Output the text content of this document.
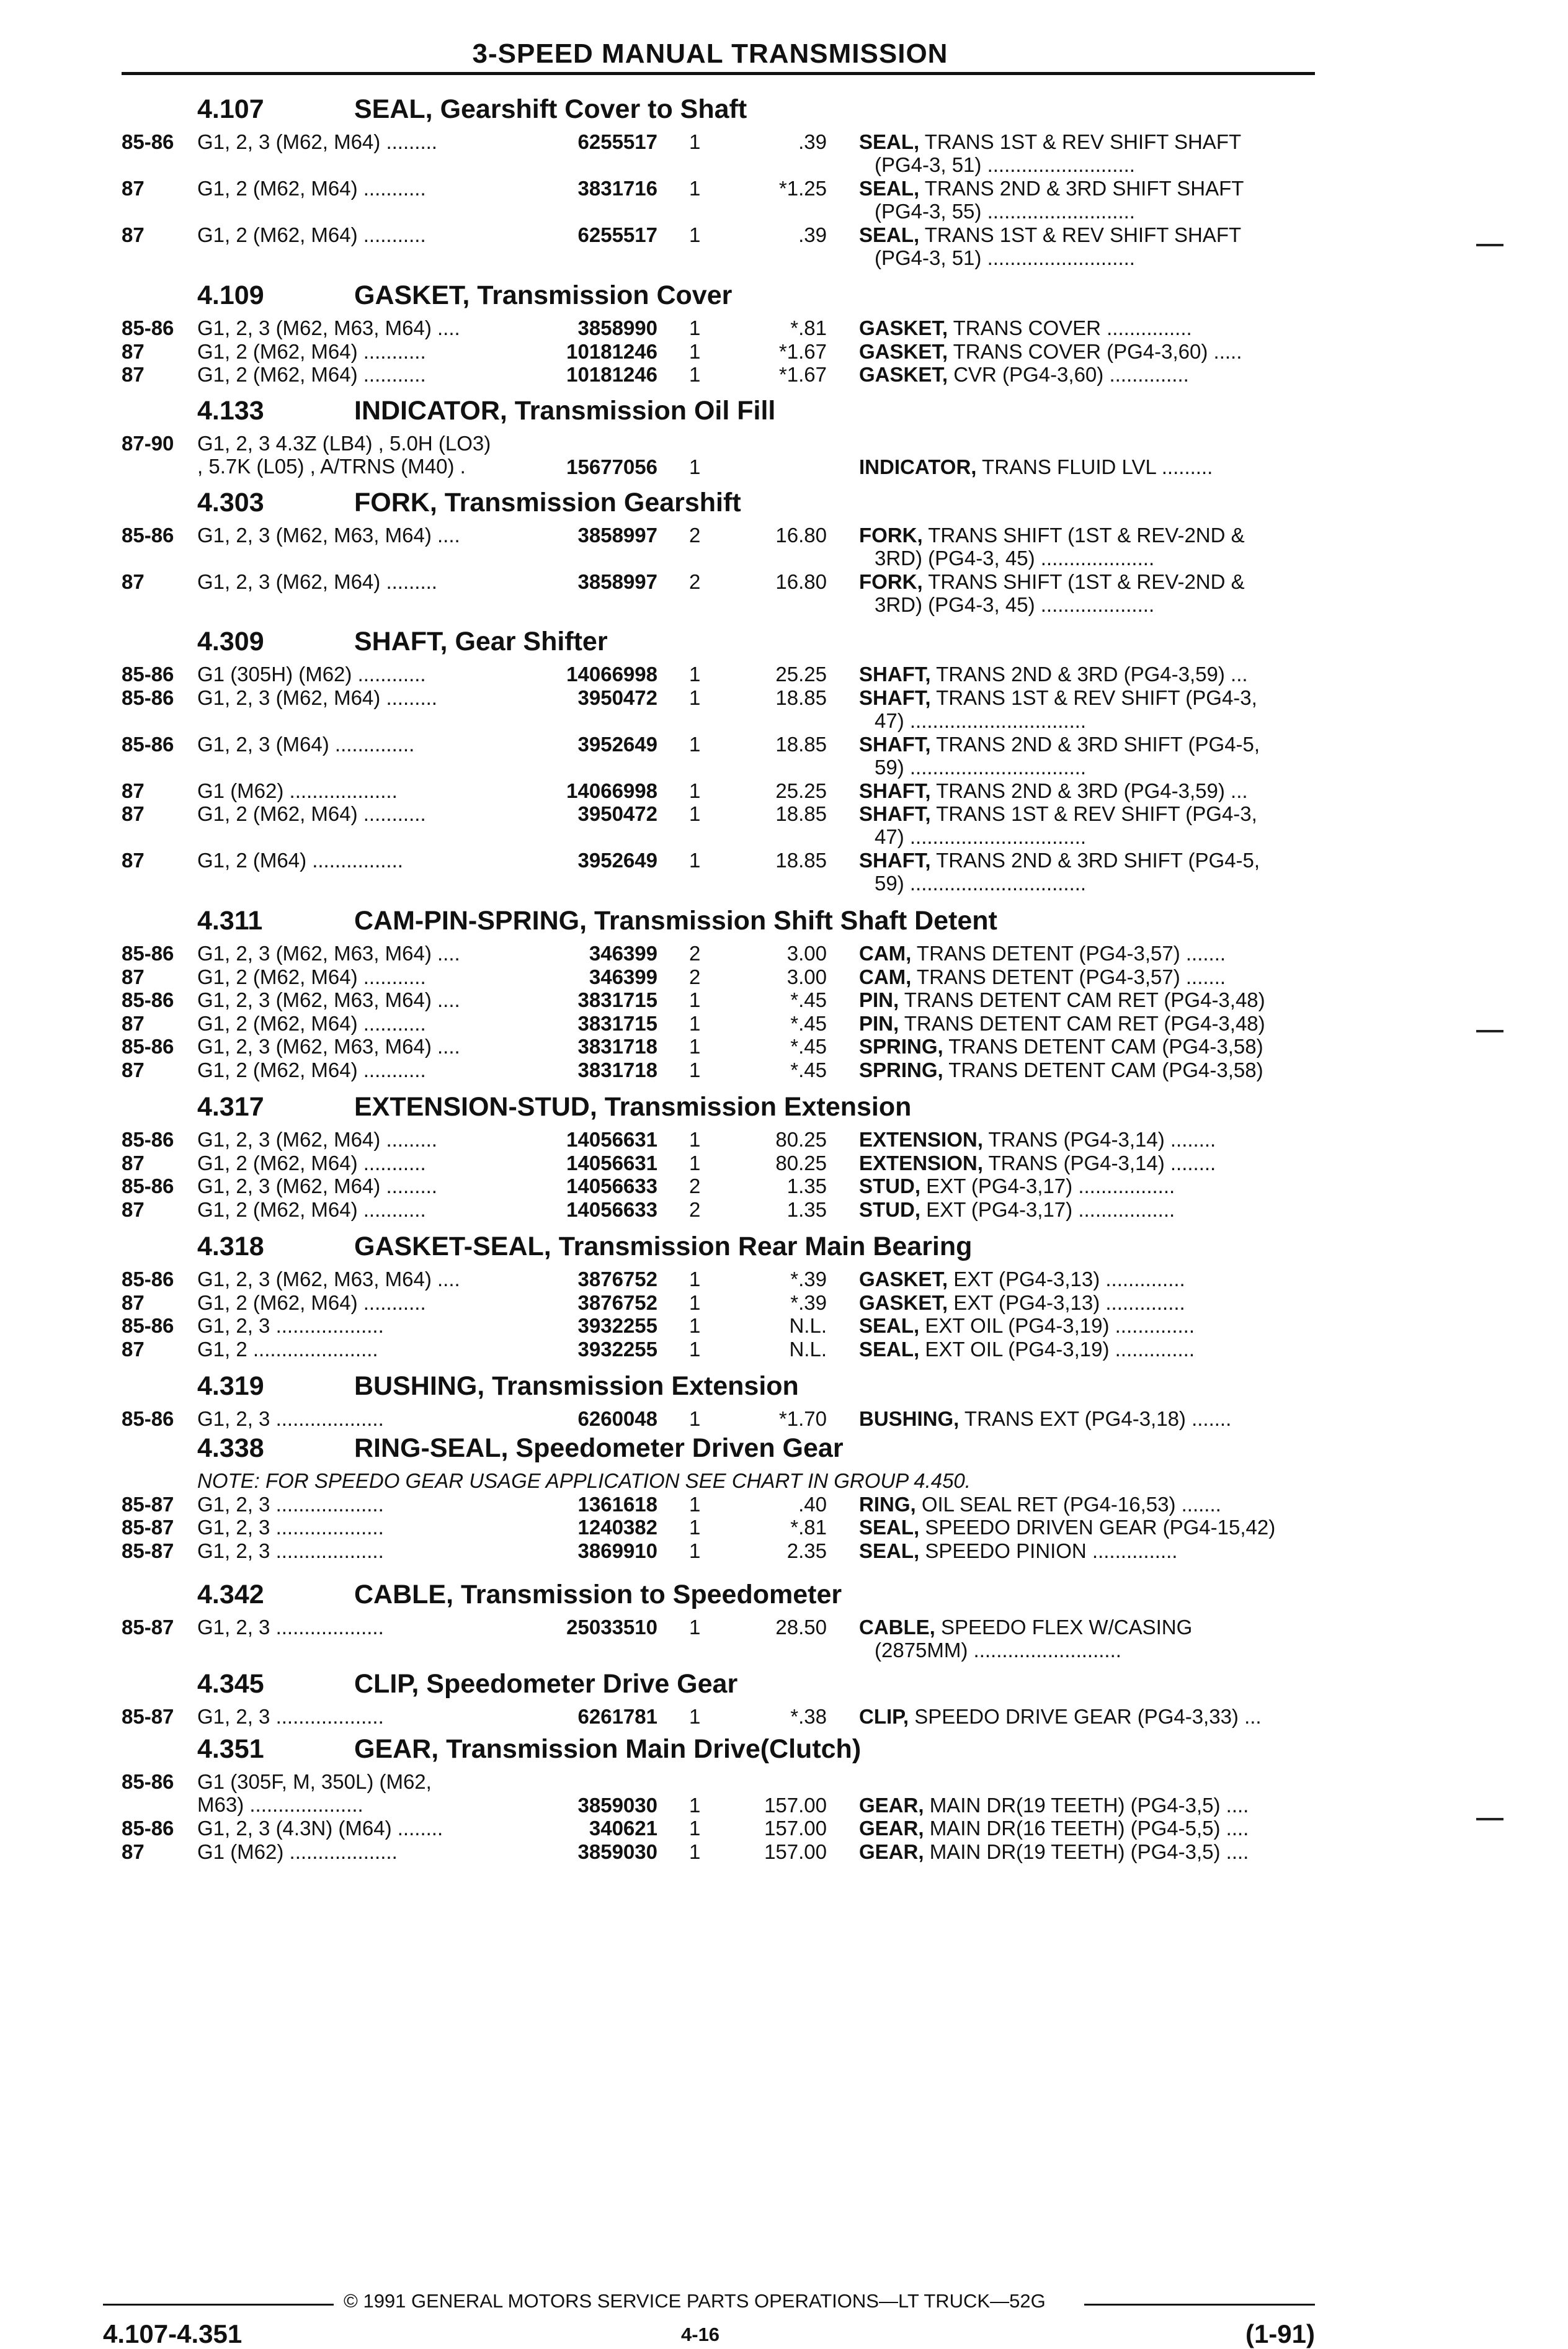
3-SPEED MANUAL TRANSMISSION
4.107	SEAL, Gearshift Cover to Shaft
85-86 G1, 2, 3 (M62, M64) .........	6255517 1	.39 SEAL, TRANS 1ST & REV SHIFT SHAFT
(PG4-3, 51) ..........................
87	G1, 2 (M62, M64) ...........	3831716 1	*1.25 SEAL, TRANS 2ND & 3RD SHIFT SHAFT
(PG4-3, 55) ..........................
87	G1, 2 (M62, M64) ...........	6255517 1	.39 SEAL, TRANS 1ST & REV SHIFT SHAFT
(PG4-3, 51) ..........................
4.109	GASKET, Transmission Cover
85-86 G1, 2, 3 (M62, M63, M64) ....	3858990 1	*.81 GASKET, TRANS COVER ...............
87	G1, 2 (M62, M64) ...........	10181246 1	*1.67 GASKET, TRANS COVER (PG4-3,60) .....
87	G1, 2 (M62, M64) ...........	10181246 1	*1.67 GASKET, CVR (PG4-3,60) ..............
4.133	INDICATOR, Transmission Oil Fill
87-90 G1, 2, 3 4.3Z (LB4) , 5.0H (LO3)
, 5.7K (L05) , A/TRNS (M40) .	15677056 1	INDICATOR, TRANS FLUID LVL .........
4.303	FORK, Transmission Gearshift
85-86 G1, 2, 3 (M62, M63, M64) ....	3858997 2	16.80 FORK, TRANS SHIFT (1ST & REV-2ND &
3RD) (PG4-3, 45) ....................
87	G1, 2, 3 (M62, M64) .........	3858997 2	16.80 FORK, TRANS SHIFT (1ST & REV-2ND &
3RD) (PG4-3, 45) ....................
4.309	SHAFT, Gear Shifter
85-86 G1 (305H) (M62) ............	14066998 1	25.25 SHAFT, TRANS 2ND & 3RD (PG4-3,59) ...
85-86 G1, 2, 3 (M62, M64) .........	3950472 1	18.85 SHAFT, TRANS 1ST & REV SHIFT (PG4-3,
47) ...............................
85-86 G1, 2, 3 (M64) ..............	3952649 1	18.85 SHAFT, TRANS 2ND & 3RD SHIFT (PG4-5,
59) ...............................
87	G1 (M62) ...................	14066998 1	25.25 SHAFT, TRANS 2ND & 3RD (PG4-3,59) ...
87	G1, 2 (M62, M64) ...........	3950472 1	18.85 SHAFT, TRANS 1ST & REV SHIFT (PG4-3,
47) ...............................
87	G1, 2 (M64) ................	3952649 1	18.85 SHAFT, TRANS 2ND & 3RD SHIFT (PG4-5,
59) ...............................
4.311	CAM-PIN-SPRING, Transmission Shift Shaft Detent
85-86 G1, 2, 3 (M62, M63, M64) ....	346399 2	3.00 CAM, TRANS DETENT (PG4-3,57) .......
87	G1, 2 (M62, M64) ...........	346399 2	3.00 CAM, TRANS DETENT (PG4-3,57) .......
85-86 G1, 2, 3 (M62, M63, M64) ....	3831715 1	*.45 PIN, TRANS DETENT CAM RET (PG4-3,48)
87	G1, 2 (M62, M64) ...........	3831715 1	*.45 PIN, TRANS DETENT CAM RET (PG4-3,48)
85-86 G1, 2, 3 (M62, M63, M64) ....	3831718 1	*.45 SPRING, TRANS DETENT CAM (PG4-3,58)
87	G1, 2 (M62, M64) ...........	3831718 1	*.45 SPRING, TRANS DETENT CAM (PG4-3,58)
4.317	EXTENSION-STUD, Transmission Extension
85-86 G1, 2, 3 (M62, M64) .........	14056631 1	80.25 EXTENSION, TRANS (PG4-3,14) ........
87	G1, 2 (M62, M64) ...........	14056631 1	80.25 EXTENSION, TRANS (PG4-3,14) ........
85-86 G1, 2, 3 (M62, M64) .........	14056633 2	1.35 STUD, EXT (PG4-3,17) .................
87	G1, 2 (M62, M64) ...........	14056633 2	1.35 STUD, EXT (PG4-3,17) .................
4.318	GASKET-SEAL, Transmission Rear Main Bearing
85-86 G1, 2, 3 (M62, M63, M64) ....	3876752 1	*.39 GASKET, EXT (PG4-3,13) ..............
87	G1, 2 (M62, M64) ...........	3876752 1	*.39 GASKET, EXT (PG4-3,13) ..............
85-86 G1, 2, 3 ...................	3932255 1	N.L. SEAL, EXT OIL (PG4-3,19) ..............
87	G1, 2 ......................	3932255 1	N.L. SEAL, EXT OIL (PG4-3,19) ..............
4.319	BUSHING, Transmission Extension
85-86 G1, 2, 3 ...................	6260048 1	*1.70 BUSHING, TRANS EXT (PG4-3,18) .......
4.338	RING-SEAL, Speedometer Driven Gear
NOTE: FOR SPEEDO GEAR USAGE APPLICATION SEE CHART IN GROUP 4.450.
85-87 G1, 2, 3 ...................	1361618 1	.40 RING, OIL SEAL RET (PG4-16,53) .......
85-87 G1, 2, 3 ...................	1240382 1	*.81 SEAL, SPEEDO DRIVEN GEAR (PG4-15,42)
85-87 G1, 2, 3 ...................	3869910 1	2.35 SEAL, SPEEDO PINION ...............
4.342	CABLE, Transmission to Speedometer
85-87 G1, 2, 3 ...................	25033510 1	28.50 CABLE, SPEEDO FLEX W/CASING
(2875MM) ..........................
4.345	CLIP, Speedometer Drive Gear
85-87 G1, 2, 3 ...................	6261781 1	*.38 CLIP, SPEEDO DRIVE GEAR (PG4-3,33) ...
4.351	GEAR, Transmission Main Drive(Clutch)
85-86 G1 (305F, M, 350L) (M62,
M63) ....................	3859030 1	157.00 GEAR, MAIN DR(19 TEETH) (PG4-3,5) ....
85-86 G1, 2, 3 (4.3N) (M64) ........	340621 1	157.00 GEAR, MAIN DR(16 TEETH) (PG4-5,5) ....
87	G1 (M62) ...................	3859030 1	157.00 GEAR, MAIN DR(19 TEETH) (PG4-3,5) ....
© 1991 GENERAL MOTORS SERVICE PARTS OPERATIONS—LT TRUCK—52G
4.107-4.351	4-16	(1-91)
